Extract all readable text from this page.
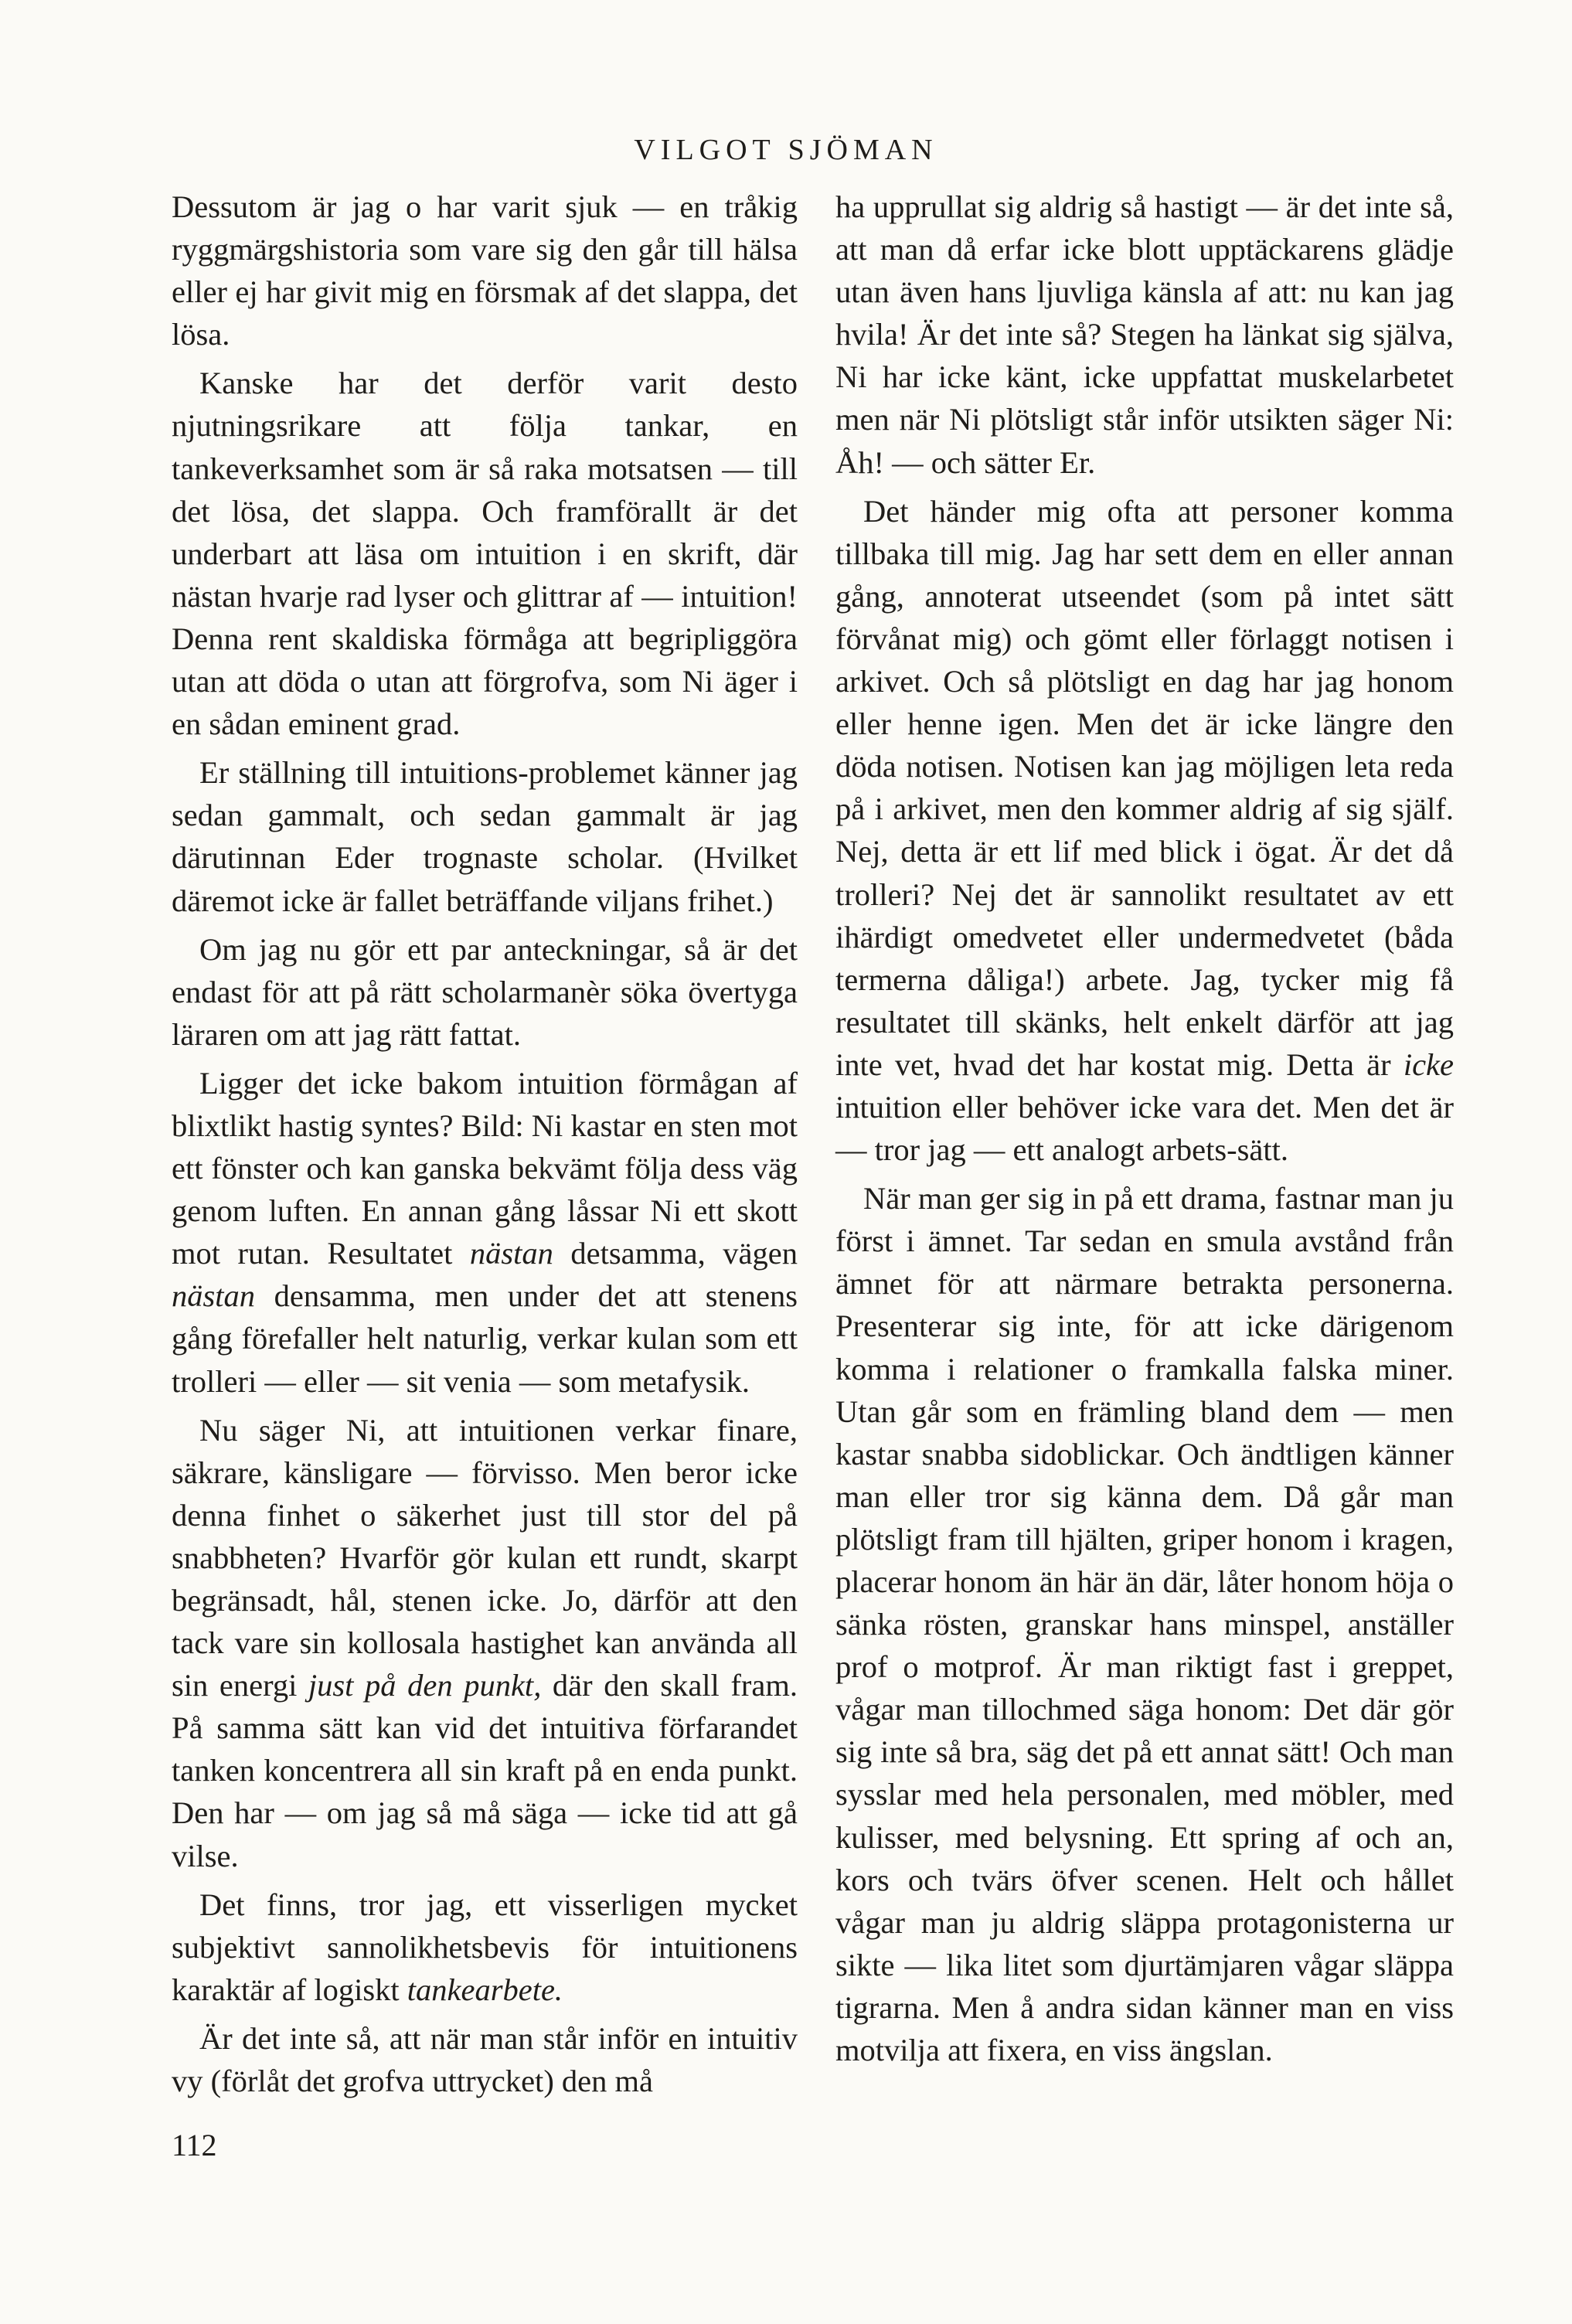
VILGOT SJÖMAN

Dessutom är jag o har varit sjuk — en tråkig ryggmärgshistoria som vare sig den går till hälsa eller ej har givit mig en försmak af det slappa, det lösa.

Kanske har det derför varit desto njutningsrikare att följa tankar, en tankeverksamhet som är så raka motsatsen — till det lösa, det slappa. Och framförallt är det underbart att läsa om intuition i en skrift, där nästan hvarje rad lyser och glittrar af — intuition! Denna rent skaldiska förmåga att begripliggöra utan att döda o utan att förgrofva, som Ni äger i en sådan eminent grad.

Er ställning till intuitions-problemet känner jag sedan gammalt, och sedan gammalt är jag därutinnan Eder trognaste scholar. (Hvilket däremot icke är fallet beträffande viljans frihet.)

Om jag nu gör ett par anteckningar, så är det endast för att på rätt scholarmanèr söka övertyga läraren om att jag rätt fattat.

Ligger det icke bakom intuition förmågan af blixtlikt hastig syntes? Bild: Ni kastar en sten mot ett fönster och kan ganska bekvämt följa dess väg genom luften. En annan gång låssar Ni ett skott mot rutan. Resultatet nästan detsamma, vägen nästan densamma, men under det att stenens gång förefaller helt naturlig, verkar kulan som ett trolleri — eller — sit venia — som metafysik.

Nu säger Ni, att intuitionen verkar finare, säkrare, känsligare — förvisso. Men beror icke denna finhet o säkerhet just till stor del på snabbheten? Hvarför gör kulan ett rundt, skarpt begränsadt, hål, stenen icke. Jo, därför att den tack vare sin kollosala hastighet kan använda all sin energi just på den punkt, där den skall fram. På samma sätt kan vid det intuitiva förfarandet tanken koncentrera all sin kraft på en enda punkt. Den har — om jag så må säga — icke tid att gå vilse.

Det finns, tror jag, ett visserligen mycket subjektivt sannolikhetsbevis för intuitionens karaktär af logiskt tankearbete.

Är det inte så, att när man står inför en intuitiv vy (förlåt det grofva uttrycket) den må

ha upprullat sig aldrig så hastigt — är det inte så, att man då erfar icke blott upptäckarens glädje utan även hans ljuvliga känsla af att: nu kan jag hvila! Är det inte så? Stegen ha länkat sig själva, Ni har icke känt, icke uppfattat muskelarbetet men när Ni plötsligt står inför utsikten säger Ni: Åh! — och sätter Er.

Det händer mig ofta att personer komma tillbaka till mig. Jag har sett dem en eller annan gång, annoterat utseendet (som på intet sätt förvånat mig) och gömt eller förlaggt notisen i arkivet. Och så plötsligt en dag har jag honom eller henne igen. Men det är icke längre den döda notisen. Notisen kan jag möjligen leta reda på i arkivet, men den kommer aldrig af sig själf. Nej, detta är ett lif med blick i ögat. Är det då trolleri? Nej det är sannolikt resultatet av ett ihärdigt omedvetet eller undermedvetet (båda termerna dåliga!) arbete. Jag, tycker mig få resultatet till skänks, helt enkelt därför att jag inte vet, hvad det har kostat mig. Detta är icke intuition eller behöver icke vara det. Men det är — tror jag — ett analogt arbets-sätt.

När man ger sig in på ett drama, fastnar man ju först i ämnet. Tar sedan en smula avstånd från ämnet för att närmare betrakta personerna. Presenterar sig inte, för att icke därigenom komma i relationer o framkalla falska miner. Utan går som en främling bland dem — men kastar snabba sidoblickar. Och ändtligen känner man eller tror sig känna dem. Då går man plötsligt fram till hjälten, griper honom i kragen, placerar honom än här än där, låter honom höja o sänka rösten, granskar hans minspel, anställer prof o motprof. Är man riktigt fast i greppet, vågar man tillochmed säga honom: Det där gör sig inte så bra, säg det på ett annat sätt! Och man sysslar med hela personalen, med möbler, med kulisser, med belysning. Ett spring af och an, kors och tvärs öfver scenen. Helt och hållet vågar man ju aldrig släppa protagonisterna ur sikte — lika litet som djurtämjaren vågar släppa tigrarna. Men å andra sidan känner man en viss motvilja att fixera, en viss ängslan.

112
